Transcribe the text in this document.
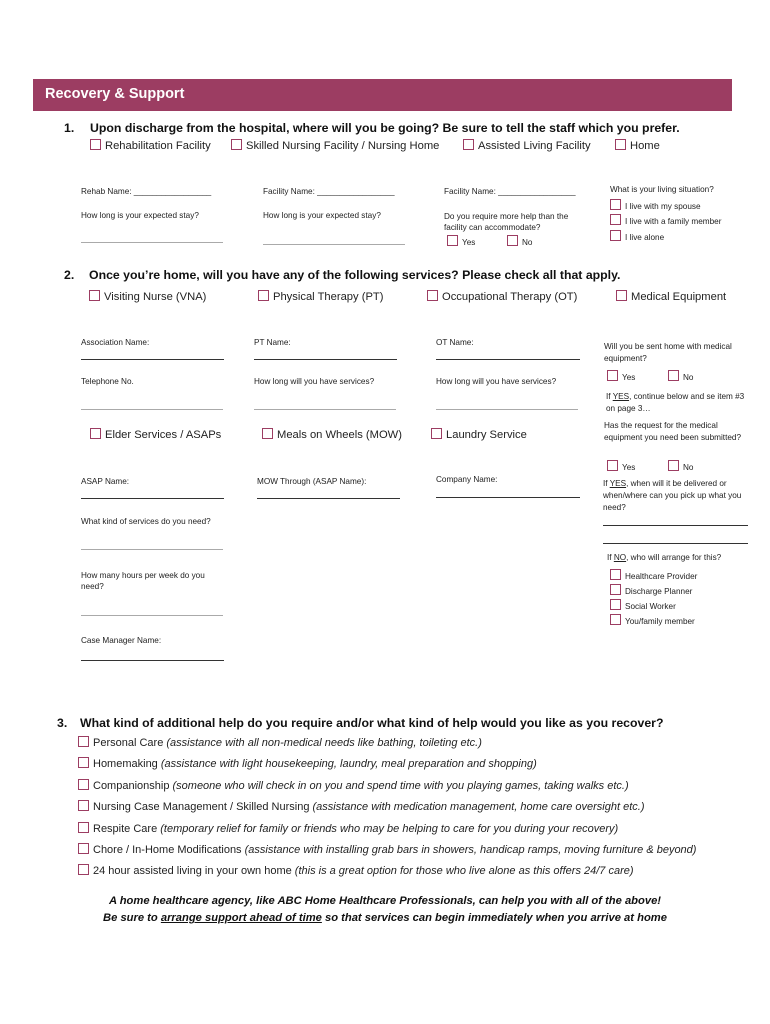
Recovery & Support
1. Upon discharge from the hospital, where will you be going? Be sure to tell the staff which you prefer.
Rehabilitation Facility	Skilled Nursing Facility / Nursing Home	Assisted Living Facility	Home
Rehab Name: _________________
How long is your expected stay?
Facility Name: _________________
How long is your expected stay?
Facility Name: _________________
Do you require more help than the facility can accommodate?
Yes	No
What is your living situation?
I live with my spouse
I live with a family member
I live alone
2. Once you’re home, will you have any of the following services? Please check all that apply.
Visiting Nurse (VNA)	Physical Therapy (PT)	Occupational Therapy (OT)	Medical Equipment
Association Name:
Telephone No.
PT Name:
How long will you have services?
OT Name:
How long will you have services?
Will you be sent home with medical equipment?
Yes	No
If YES, continue below and se item #3 on page 3…
Has the request for the medical equipment you need been submitted?
Yes	No
If YES, when will it be delivered or when/where can you pick up what you need?
Elder Services / ASAPs	Meals on Wheels (MOW)	Laundry Service
ASAP Name:	MOW Through (ASAP Name):	Company Name:
What kind of services do you need?
How many hours per week do you need?
Case Manager Name:
If NO, who will arrange for this?
Healthcare Provider
Discharge Planner
Social Worker
You/family member
3. What kind of additional help do you require and/or what kind of help would you like as you recover?
Personal Care (assistance with all non-medical needs like bathing, toileting etc.)
Homemaking (assistance with light housekeeping, laundry, meal preparation and shopping)
Companionship (someone who will check in on you and spend time with you playing games, taking walks etc.)
Nursing Case Management / Skilled Nursing (assistance with medication management, home care oversight etc.)
Respite Care (temporary relief for family or friends who may be helping to care for you during your recovery)
Chore / In-Home Modifications (assistance with installing grab bars in showers, handicap ramps, moving furniture & beyond)
24 hour assisted living in your own home (this is a great option for those who live alone as this offers 24/7 care)
A home healthcare agency, like ABC Home Healthcare Professionals, can help you with all of the above!
Be sure to arrange support ahead of time so that services can begin immediately when you arrive at home
